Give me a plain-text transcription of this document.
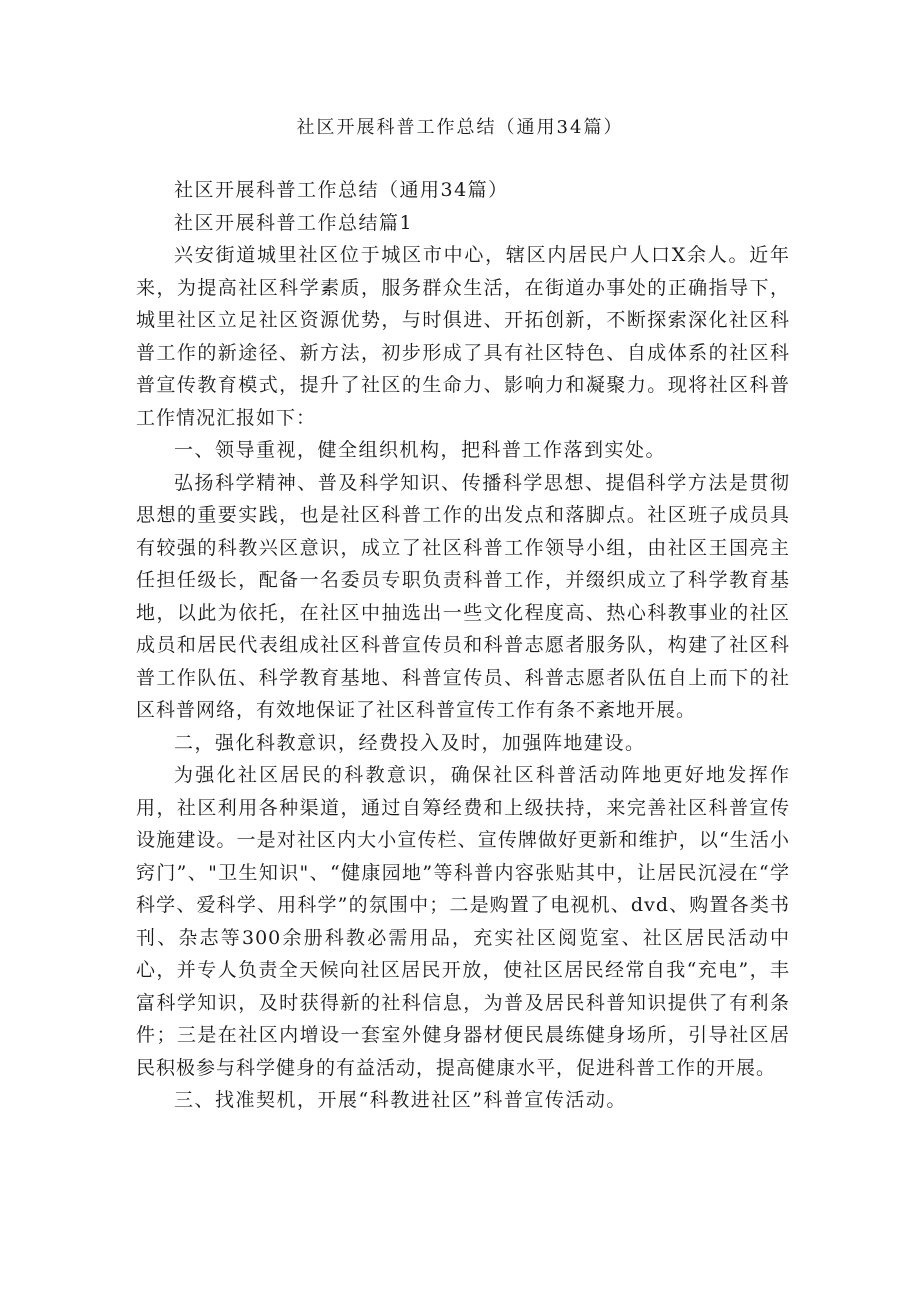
社区开展科普工作总结（通用34篇）

社区开展科普工作总结（通用34篇）

社区开展科普工作总结篇1

兴安街道城里社区位于城区市中心，辖区内居民户人口X余人。近年来，为提高社区科学素质，服务群众生活，在街道办事处的正确指导下，城里社区立足社区资源优势，与时俱进、开拓创新，不断探索深化社区科普工作的新途径、新方法，初步形成了具有社区特色、自成体系的社区科普宣传教育模式，提升了社区的生命力、影响力和凝聚力。现将社区科普工作情况汇报如下：

一、领导重视，健全组织机构，把科普工作落到实处。

弘扬科学精神、普及科学知识、传播科学思想、提倡科学方法是贯彻思想的重要实践，也是社区科普工作的出发点和落脚点。社区班子成员具有较强的科教兴区意识，成立了社区科普工作领导小组，由社区王国亮主任担任级长，配备一名委员专职负责科普工作，并缀织成立了科学教育基地，以此为依托，在社区中抽选出一些文化程度高、热心科教事业的社区成员和居民代表组成社区科普宣传员和科普志愿者服务队，构建了社区科普工作队伍、科学教育基地、科普宣传员、科普志愿者队伍自上而下的社区科普网络，有效地保证了社区科普宣传工作有条不紊地开展。

二，强化科教意识，经费投入及时，加强阵地建设。

为强化社区居民的科教意识，确保社区科普活动阵地更好地发挥作用，社区利用各种渠道，通过自筹经费和上级扶持，来完善社区科普宣传设施建设。一是对社区内大小宣传栏、宣传牌做好更新和维护，以“生活小窍门”、"卫生知识"、“健康园地”等科普内容张贴其中，让居民沉浸在“学科学、爱科学、用科学”的氛围中；二是购置了电视机、dvd、购置各类书刊、杂志等300余册科教必需用品，充实社区阅览室、社区居民活动中心，并专人负责全天候向社区居民开放，使社区居民经常自我“充电”，丰富科学知识，及时获得新的社科信息，为普及居民科普知识提供了有利条件；三是在社区内增设一套室外健身器材便民晨练健身场所，引导社区居民积极参与科学健身的有益活动，提高健康水平，促进科普工作的开展。

三、找准契机，开展“科教进社区”科普宣传活动。
